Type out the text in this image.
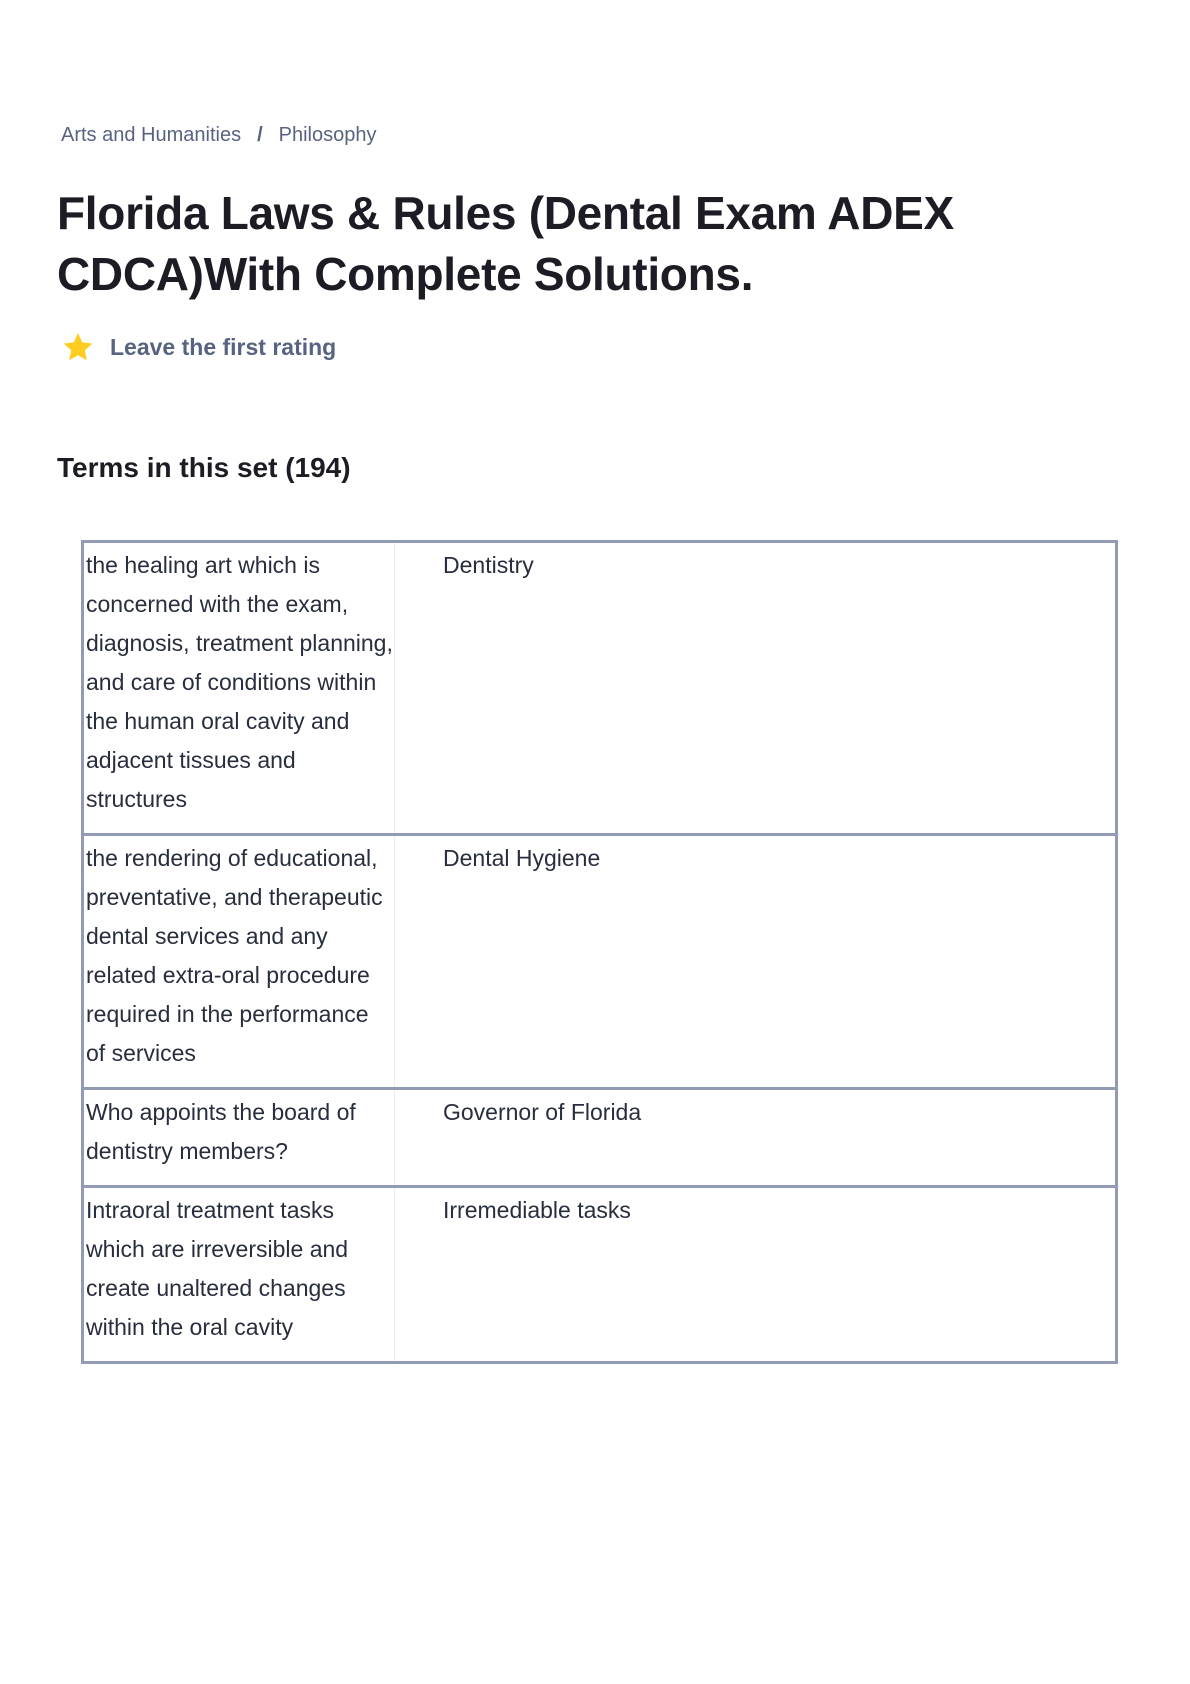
Arts and Humanities / Philosophy
Florida Laws & Rules (Dental Exam ADEX CDCA)With Complete Solutions.
Leave the first rating
Terms in this set (194)
the healing art which is concerned with the exam, diagnosis, treatment planning, and care of conditions within the human oral cavity and adjacent tissues and structures	Dentistry
the rendering of educational, preventative, and therapeutic dental services and any related extra-oral procedure required in the performance of services	Dental Hygiene
Who appoints the board of dentistry members?	Governor of Florida
Intraoral treatment tasks which are irreversible and create unaltered changes within the oral cavity	Irremediable tasks
